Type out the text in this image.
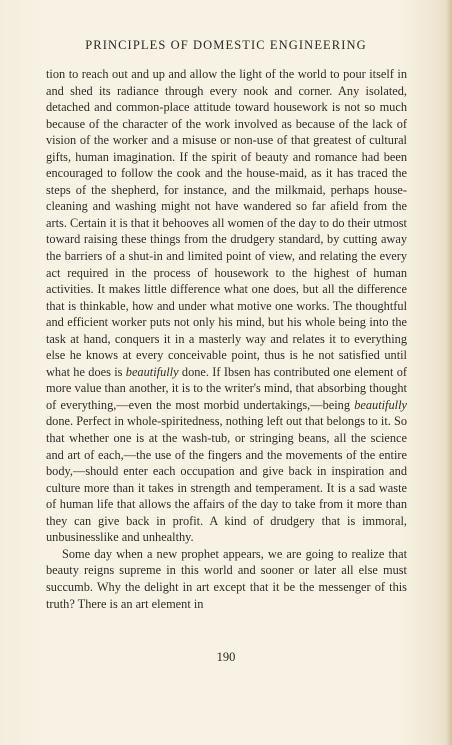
PRINCIPLES OF DOMESTIC ENGINEERING

tion to reach out and up and allow the light of the world to pour itself in and shed its radiance through every nook and corner. Any isolated, detached and common-place attitude toward housework is not so much because of the character of the work involved as because of the lack of vision of the worker and a misuse or non-use of that greatest of cultural gifts, human imagination. If the spirit of beauty and romance had been encouraged to follow the cook and the house-maid, as it has traced the steps of the shepherd, for instance, and the milkmaid, perhaps house-cleaning and washing might not have wandered so far afield from the arts. Certain it is that it behooves all women of the day to do their utmost toward raising these things from the drudgery standard, by cutting away the barriers of a shut-in and limited point of view, and relating the every act required in the process of housework to the highest of human activities. It makes little difference what one does, but all the difference that is thinkable, how and under what motive one works. The thoughtful and efficient worker puts not only his mind, but his whole being into the task at hand, conquers it in a masterly way and relates it to everything else he knows at every conceivable point, thus is he not satisfied until what he does is beautifully done. If Ibsen has contributed one element of more value than another, it is to the writer's mind, that absorbing thought of everything,—even the most morbid undertakings,—being beautifully done. Perfect in whole-spiritedness, nothing left out that belongs to it. So that whether one is at the wash-tub, or stringing beans, all the science and art of each,—the use of the fingers and the movements of the entire body,—should enter each occupation and give back in inspiration and culture more than it takes in strength and temperament. It is a sad waste of human life that allows the affairs of the day to take from it more than they can give back in profit. A kind of drudgery that is immoral, unbusinesslike and unhealthy.

Some day when a new prophet appears, we are going to realize that beauty reigns supreme in this world and sooner or later all else must succumb. Why the delight in art except that it be the messenger of this truth? There is an art element in

190
